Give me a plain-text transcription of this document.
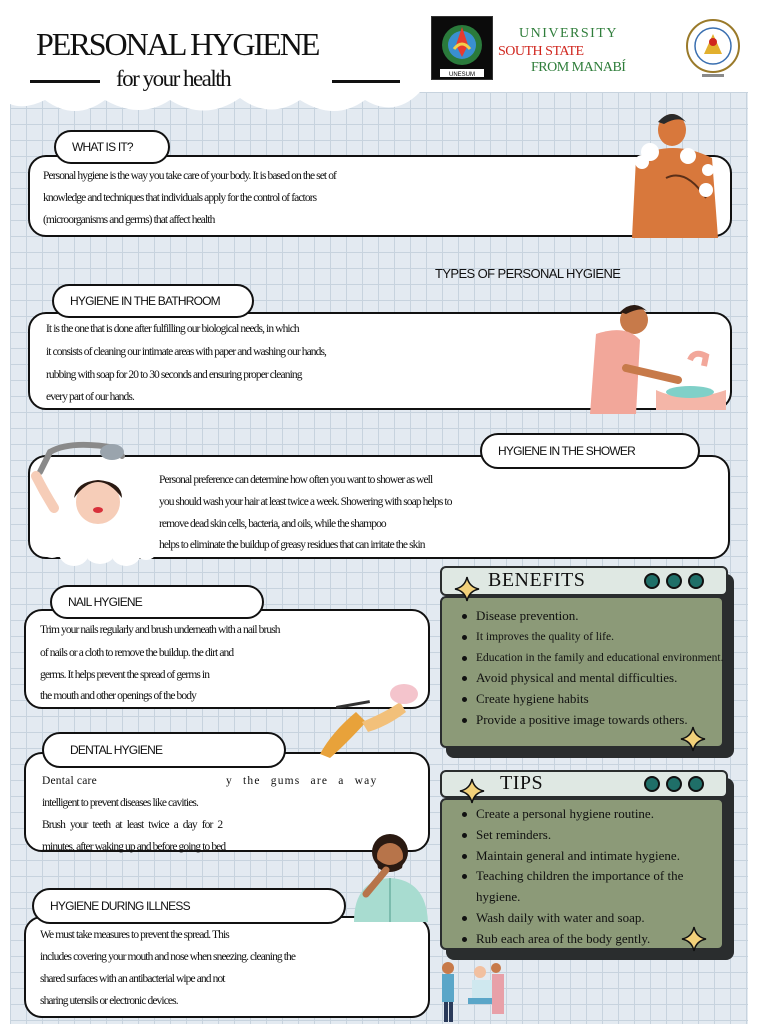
PERSONAL HYGIENE
for your health	UNESUM
UNIVERSITY
SOUTH STATE
FROM MANABÍ

Personal hygiene is the way you take care of your body. It is based on the set of

knowledge and techniques that individuals apply for the control of factors

(microorganisms and germs) that affect health

WHAT IS IT?
TYPES OF PERSONAL HYGIENE

It is the one that is done after fulfilling our biological needs, in which

it consists of cleaning our intimate areas with paper and washing our hands,

rubbing with soap for 20 to 30 seconds and ensuring proper cleaning

every part of our hands.

HYGIENE IN THE BATHROOM

Personal preference can determine how often you want to shower as well

you should wash your hair at least twice a week. Showering with soap helps to

remove dead skin cells, bacteria, and oils, while the shampoo

helps to eliminate the buildup of greasy residues that can irritate the skin

HYGIENE IN THE SHOWER

Trim your nails regularly and brush underneath with a nail brush

of nails or a cloth to remove the buildup. the dirt and

germs. It helps prevent the spread of germs in

the mouth and other openings of the body

NAIL HYGIENE

Dental care	y the gums are a way

intelligent to prevent diseases like cavities.

Brush your teeth at least twice a day for 2

minutes, after waking up and before going to bed

DENTAL HYGIENE

We must take measures to prevent the spread. This

includes covering your mouth and nose when sneezing. cleaning the

shared surfaces with an antibacterial wipe and not

sharing utensils or electronic devices.

HYGIENE DURING ILLNESS
BENEFITS
Disease prevention.
It improves the quality of life.
Education in the family and educational environment.
Avoid physical and mental difficulties.
Create hygiene habits
Provide a positive image towards others.
TIPS
Create a personal hygiene routine.
Set reminders.
Maintain general and intimate hygiene.
Teaching children the importance of the hygiene.
Wash daily with water and soap.
Rub each area of the body gently.
